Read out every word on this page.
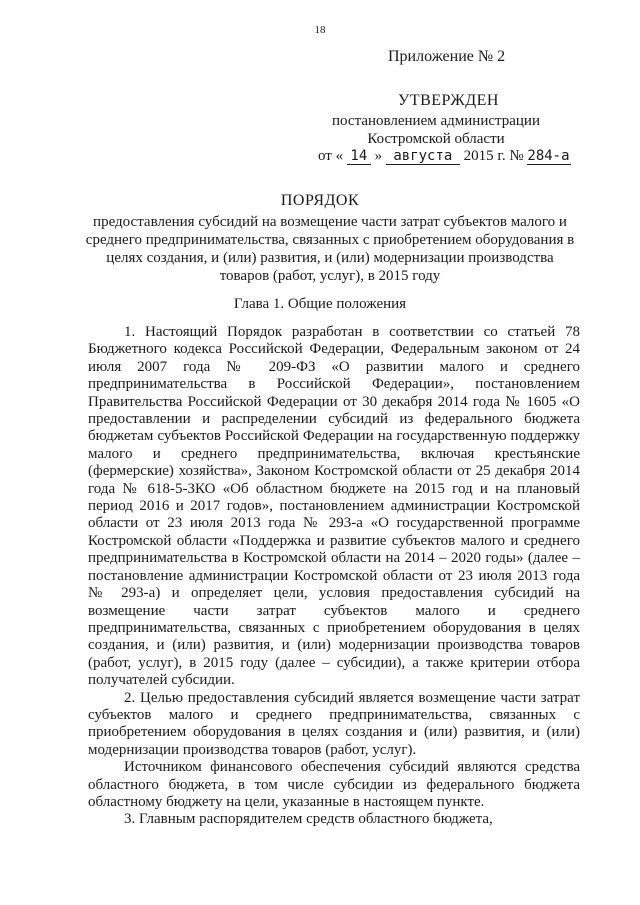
18
Приложение № 2
УТВЕРЖДЕН
постановлением администрации
Костромской области
от « 14 » августа 2015 г. № 284-а
ПОРЯДОК
предоставления субсидий на возмещение части затрат субъектов малого и среднего предпринимательства, связанных с приобретением оборудования в целях создания, и (или) развития, и (или) модернизации производства товаров (работ, услуг), в 2015 году
Глава 1. Общие положения

1. Настоящий Порядок разработан в соответствии со статьей 78 Бюджетного кодекса Российской Федерации, Федеральным законом от 24 июля 2007 года № 209-ФЗ «О развитии малого и среднего предпринимательства в Российской Федерации», постановлением Правительства Российской Федерации от 30 декабря 2014 года № 1605 «О предоставлении и распределении субсидий из федерального бюджета бюджетам субъектов Российской Федерации на государственную поддержку малого и среднего предпринимательства, включая крестьянские (фермерские) хозяйства», Законом Костромской области от 25 декабря 2014 года № 618-5-ЗКО «Об областном бюджете на 2015 год и на плановый период 2016 и 2017 годов», постановлением администрации Костромской области от 23 июля 2013 года № 293-а «О государственной программе Костромской области «Поддержка и развитие субъектов малого и среднего предпринимательства в Костромской области на 2014 – 2020 годы» (далее – постановление администрации Костромской области от 23 июля 2013 года № 293-а) и определяет цели, условия предоставления субсидий на возмещение части затрат субъектов малого и среднего предпринимательства, связанных с приобретением оборудования в целях создания, и (или) развития, и (или) модернизации производства товаров (работ, услуг), в 2015 году (далее – субсидии), а также критерии отбора получателей субсидии.

2. Целью предоставления субсидий является возмещение части затрат субъектов малого и среднего предпринимательства, связанных с приобретением оборудования в целях создания и (или) развития, и (или) модернизации производства товаров (работ, услуг).

Источником финансового обеспечения субсидий являются средства областного бюджета, в том числе субсидии из федерального бюджета областному бюджету на цели, указанные в настоящем пункте.

3. Главным распорядителем средств областного бюджета,
